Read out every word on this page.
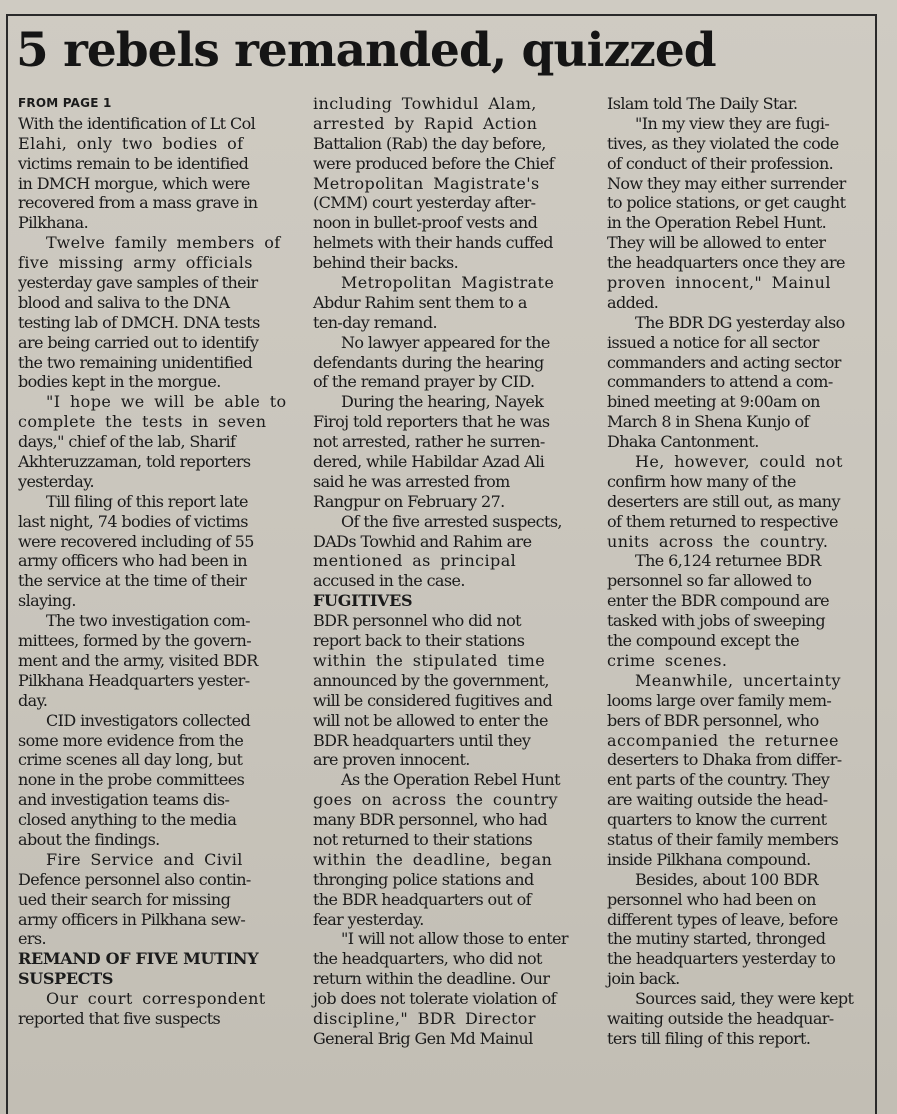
5 rebels remanded, quizzed
FROM PAGE 1
With the identification of Lt Col
Elahi, only two bodies of
victims remain to be identified
in DMCH morgue, which were
recovered from a mass grave in
Pilkhana.
Twelve family members of
five missing army officials
yesterday gave samples of their
blood and saliva to the DNA
testing lab of DMCH. DNA tests
are being carried out to identify
the two remaining unidentified
bodies kept in the morgue.
"I hope we will be able to
complete the tests in seven
days," chief of the lab, Sharif
Akhteruzzaman, told reporters
yesterday.
Till filing of this report late
last night, 74 bodies of victims
were recovered including of 55
army officers who had been in
the service at the time of their
slaying.
The two investigation com-
mittees, formed by the govern-
ment and the army, visited BDR
Pilkhana Headquarters yester-
day.
CID investigators collected
some more evidence from the
crime scenes all day long, but
none in the probe committees
and investigation teams dis-
closed anything to the media
about the findings.
Fire Service and Civil
Defence personnel also contin-
ued their search for missing
army officers in Pilkhana sew-
ers.
REMAND OF FIVE MUTINY
SUSPECTS
Our court correspondent
reported that five suspects
including Towhidul Alam,
arrested by Rapid Action
Battalion (Rab) the day before,
were produced before the Chief
Metropolitan Magistrate's
(CMM) court yesterday after-
noon in bullet-proof vests and
helmets with their hands cuffed
behind their backs.
Metropolitan Magistrate
Abdur Rahim sent them to a
ten-day remand.
No lawyer appeared for the
defendants during the hearing
of the remand prayer by CID.
During the hearing, Nayek
Firoj told reporters that he was
not arrested, rather he surren-
dered, while Habildar Azad Ali
said he was arrested from
Rangpur on February 27.
Of the five arrested suspects,
DADs Towhid and Rahim are
mentioned as principal
accused in the case.
FUGITIVES
BDR personnel who did not
report back to their stations
within the stipulated time
announced by the government,
will be considered fugitives and
will not be allowed to enter the
BDR headquarters until they
are proven innocent.
As the Operation Rebel Hunt
goes on across the country
many BDR personnel, who had
not returned to their stations
within the deadline, began
thronging police stations and
the BDR headquarters out of
fear yesterday.
"I will not allow those to enter
the headquarters, who did not
return within the deadline. Our
job does not tolerate violation of
discipline," BDR Director
General Brig Gen Md Mainul
Islam told The Daily Star.
"In my view they are fugi-
tives, as they violated the code
of conduct of their profession.
Now they may either surrender
to police stations, or get caught
in the Operation Rebel Hunt.
They will be allowed to enter
the headquarters once they are
proven innocent," Mainul
added.
The BDR DG yesterday also
issued a notice for all sector
commanders and acting sector
commanders to attend a com-
bined meeting at 9:00am on
March 8 in Shena Kunjo of
Dhaka Cantonment.
He, however, could not
confirm how many of the
deserters are still out, as many
of them returned to respective
units across the country.
The 6,124 returnee BDR
personnel so far allowed to
enter the BDR compound are
tasked with jobs of sweeping
the compound except the
crime scenes.
Meanwhile, uncertainty
looms large over family mem-
bers of BDR personnel, who
accompanied the returnee
deserters to Dhaka from differ-
ent parts of the country. They
are waiting outside the head-
quarters to know the current
status of their family members
inside Pilkhana compound.
Besides, about 100 BDR
personnel who had been on
different types of leave, before
the mutiny started, thronged
the headquarters yesterday to
join back.
Sources said, they were kept
waiting outside the headquar-
ters till filing of this report.
